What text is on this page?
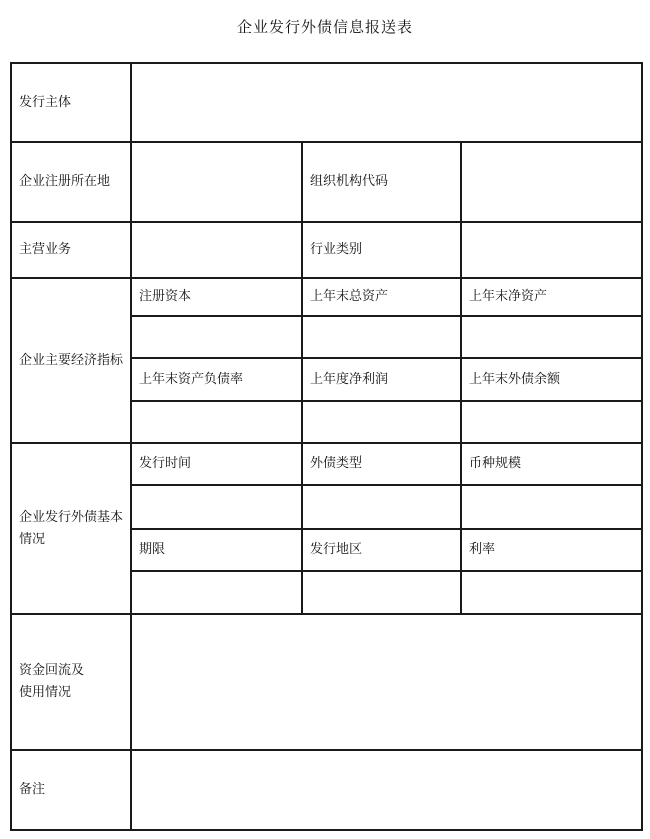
企业发行外债信息报送表
发行主体			

企业注册所在地		组织机构代码	

主营业务		行业类别	

企业主要经济指标	注册资本	上年末总资产	上年末净资产

	上年末资产负债率	上年度净利润	上年末外债余额

企业发行外债基本情况	发行时间	外债类型	币种规模

	期限	发行地区	利率

资金回流及
使用情况			

备注			
